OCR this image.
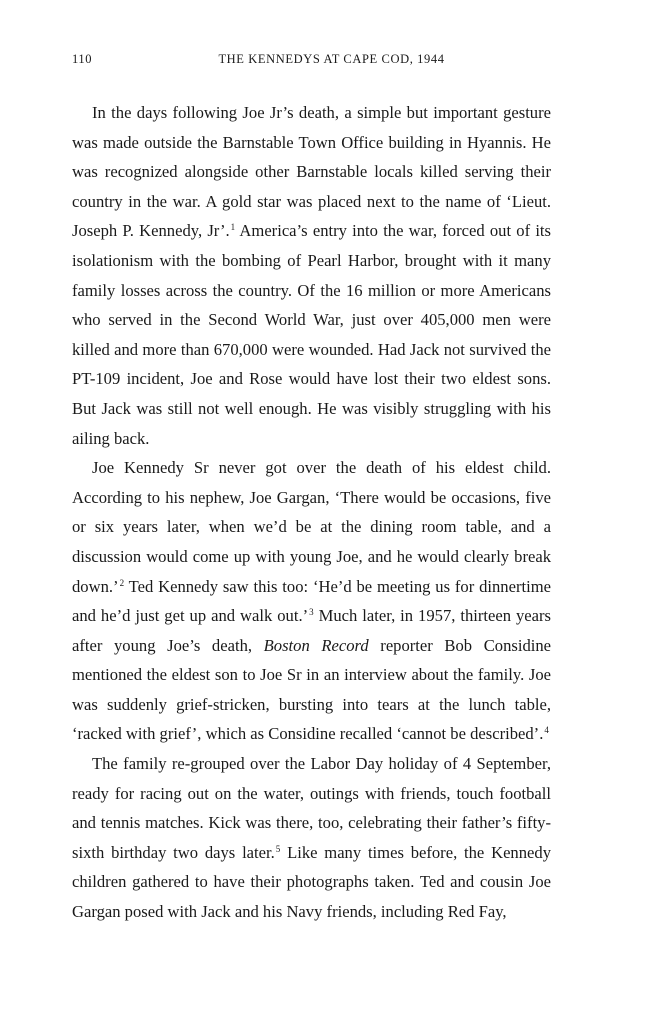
110	THE KENNEDYS AT CAPE COD, 1944

In the days following Joe Jr’s death, a simple but important gesture was made outside the Barnstable Town Office building in Hyannis. He was recognized alongside other Barnstable locals killed serving their country in the war. A gold star was placed next to the name of ‘Lieut. Joseph P. Kennedy, Jr’.$^1$ America’s entry into the war, forced out of its isolationism with the bombing of Pearl Harbor, brought with it many family losses across the country. Of the 16 million or more Americans who served in the Second World War, just over 405,000 men were killed and more than 670,000 were wounded. Had Jack not survived the PT-109 incident, Joe and Rose would have lost their two eldest sons. But Jack was still not well enough. He was visibly struggling with his ailing back.

Joe Kennedy Sr never got over the death of his eldest child. According to his nephew, Joe Gargan, ‘There would be occasions, five or six years later, when we’d be at the dining room table, and a discussion would come up with young Joe, and he would clearly break down.’$^2$ Ted Kennedy saw this too: ‘He’d be meeting us for dinnertime and he’d just get up and walk out.’$^3$ Much later, in 1957, thirteen years after young Joe’s death, Boston Record reporter Bob Considine mentioned the eldest son to Joe Sr in an interview about the family. Joe was suddenly grief-stricken, bursting into tears at the lunch table, ‘racked with grief’, which as Considine recalled ‘cannot be described’.$^4$

The family re-grouped over the Labor Day holiday of 4 September, ready for racing out on the water, outings with friends, touch football and tennis matches. Kick was there, too, celebrating their father’s fifty-sixth birthday two days later.$^5$ Like many times before, the Kennedy children gathered to have their photographs taken. Ted and cousin Joe Gargan posed with Jack and his Navy friends, including Red Fay,
